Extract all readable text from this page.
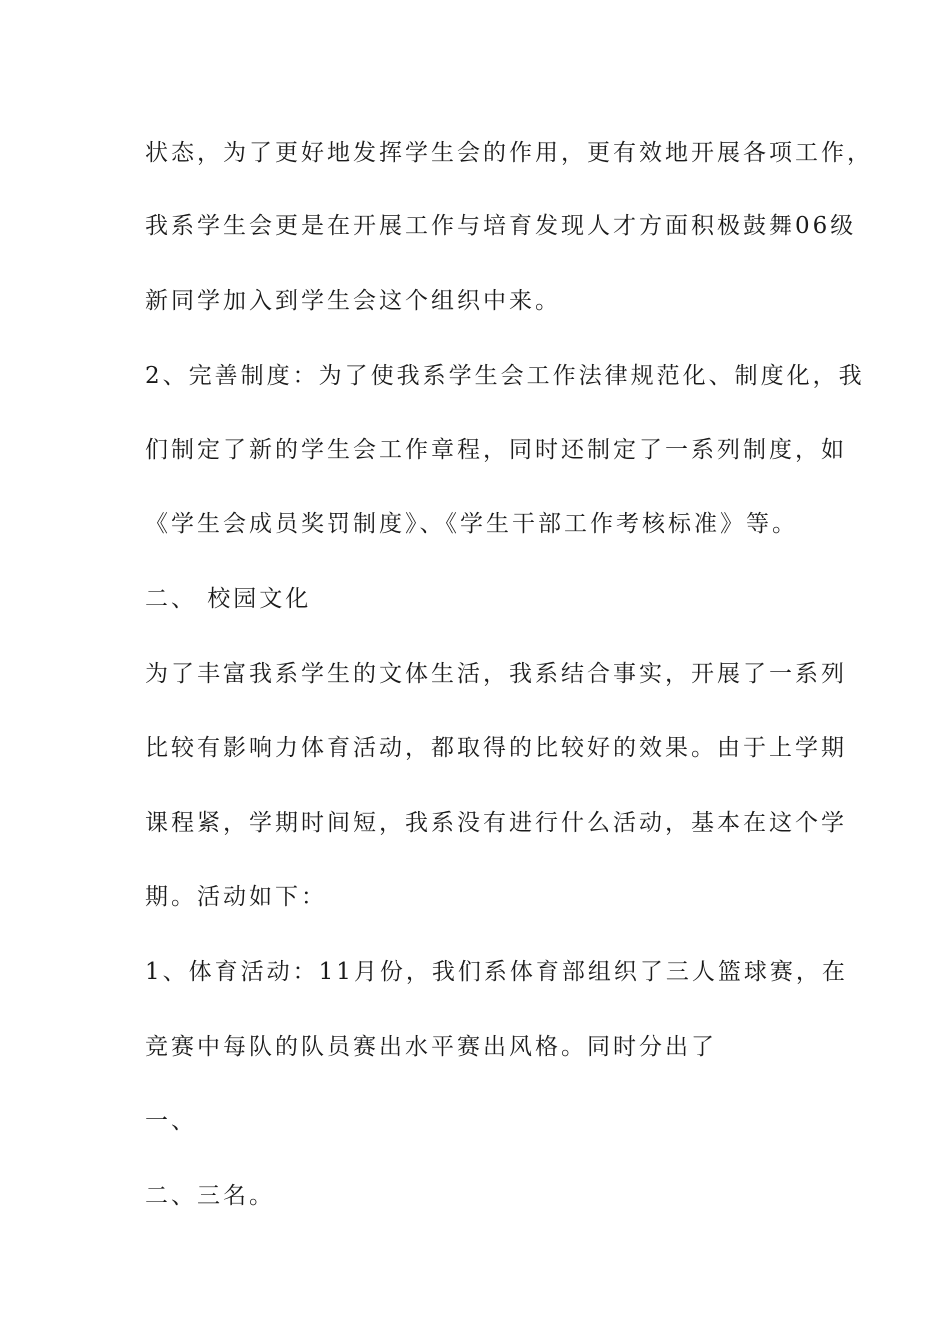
状态，为了更好地发挥学生会的作用，更有效地开展各项工作，
我系学生会更是在开展工作与培育发现人才方面积极鼓舞06级
新同学加入到学生会这个组织中来。
2、完善制度：为了使我系学生会工作法律规范化、制度化，我
们制定了新的学生会工作章程，同时还制定了一系列制度，如
《学生会成员奖罚制度》、《学生干部工作考核标准》等。
二、 校园文化
为了丰富我系学生的文体生活，我系结合事实，开展了一系列
比较有影响力体育活动，都取得的比较好的效果。由于上学期
课程紧，学期时间短，我系没有进行什么活动，基本在这个学
期。活动如下：
1、体育活动：11月份，我们系体育部组织了三人篮球赛，在
竞赛中每队的队员赛出水平赛出风格。同时分出了
一、
二、三名。
